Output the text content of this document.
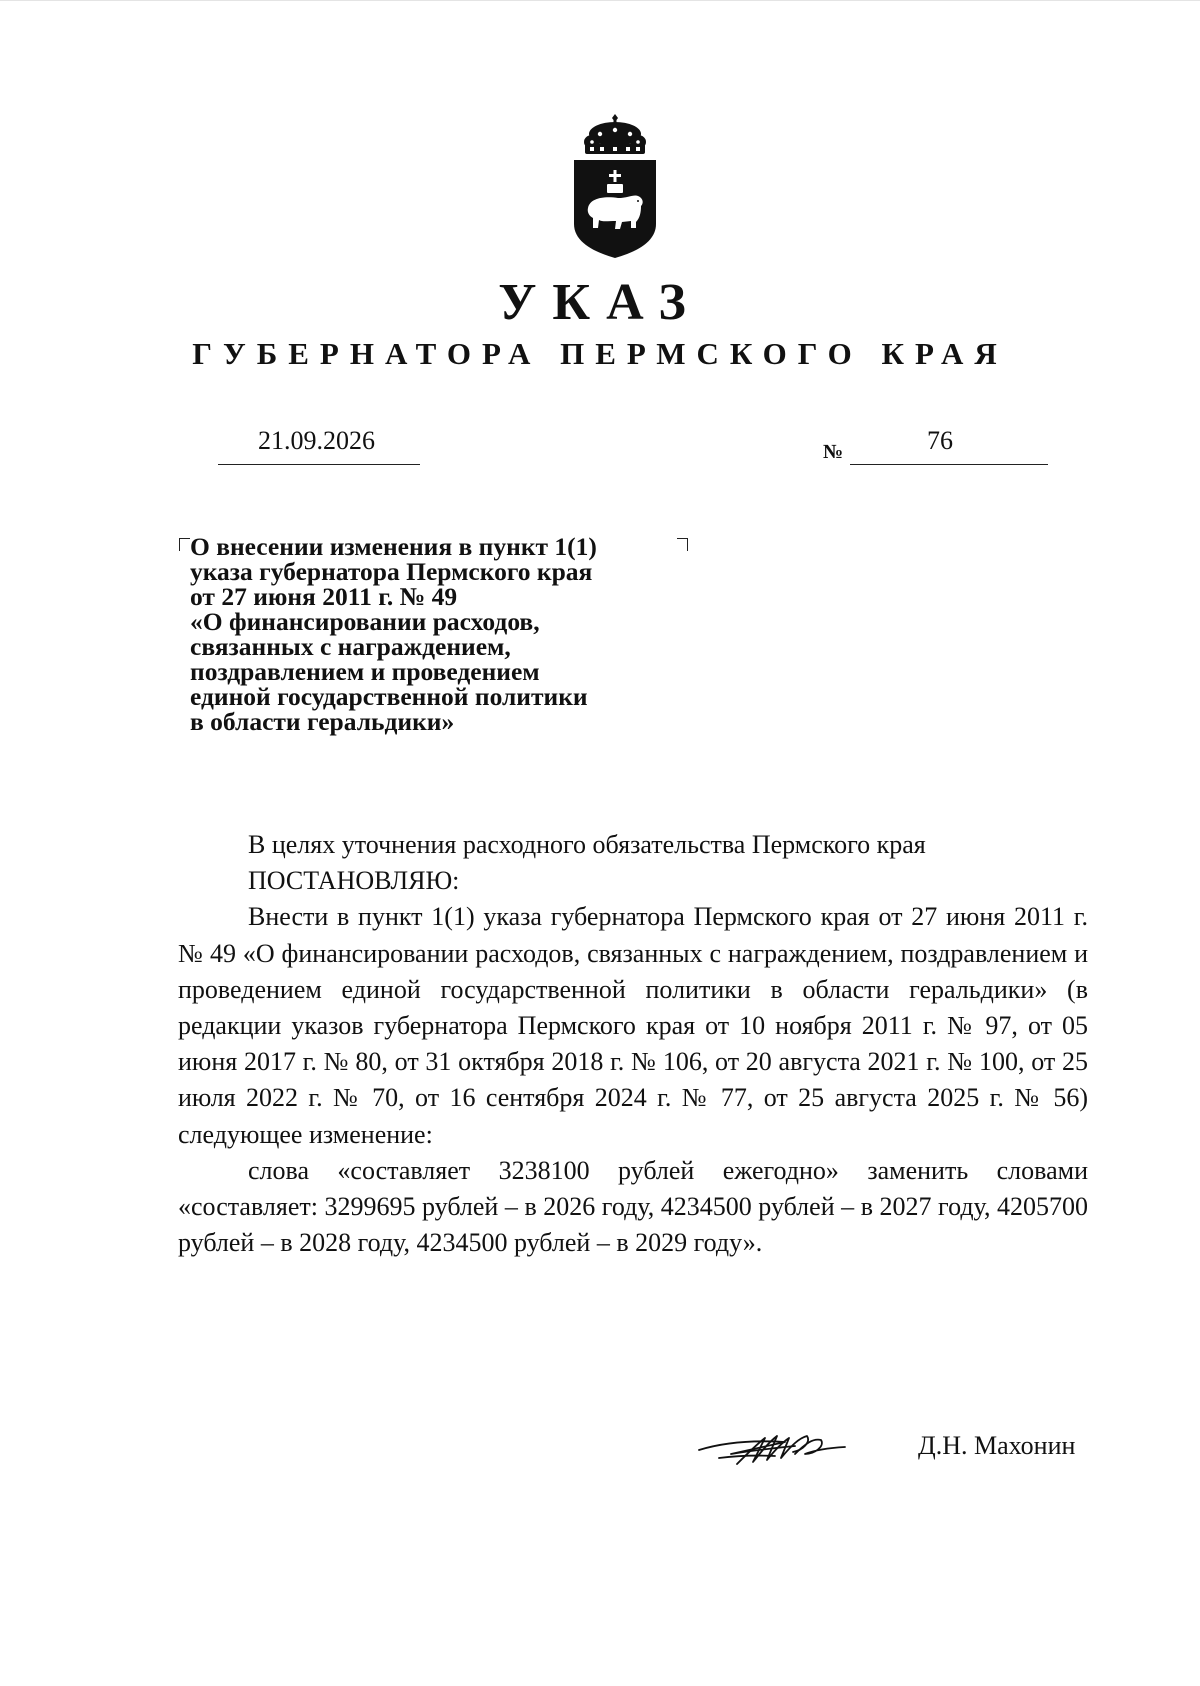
УКАЗ
ГУБЕРНАТОРА ПЕРМСКОГО КРАЯ
21.09.2026	№	76
О внесении изменения в пункт 1(1)
указа губернатора Пермского края
от 27 июня 2011 г. № 49
«О финансировании расходов,
связанных с награждением,
поздравлением и проведением
единой государственной политики
в области геральдики»

В целях уточнения расходного обязательства Пермского края

ПОСТАНОВЛЯЮ:

Внести в пункт 1(1) указа губернатора Пермского края от 27 июня 2011 г. № 49 «О финансировании расходов, связанных с награждением, поздравлением и проведением единой государственной политики в области геральдики» (в редакции указов губернатора Пермского края от 10 ноября 2011 г. № 97, от 05 июня 2017 г. № 80, от 31 октября 2018 г. № 106, от 20 августа 2021 г. № 100, от 25 июля 2022 г. № 70, от 16 сентября 2024 г. № 77, от 25 августа 2025 г. № 56) следующее изменение:

слова «составляет 3238100 рублей ежегодно» заменить словами «составляет: 3299695 рублей – в 2026 году, 4234500 рублей – в 2027 году, 4205700 рублей – в 2028 году, 4234500 рублей – в 2029 году».

Д.Н. Махонин
